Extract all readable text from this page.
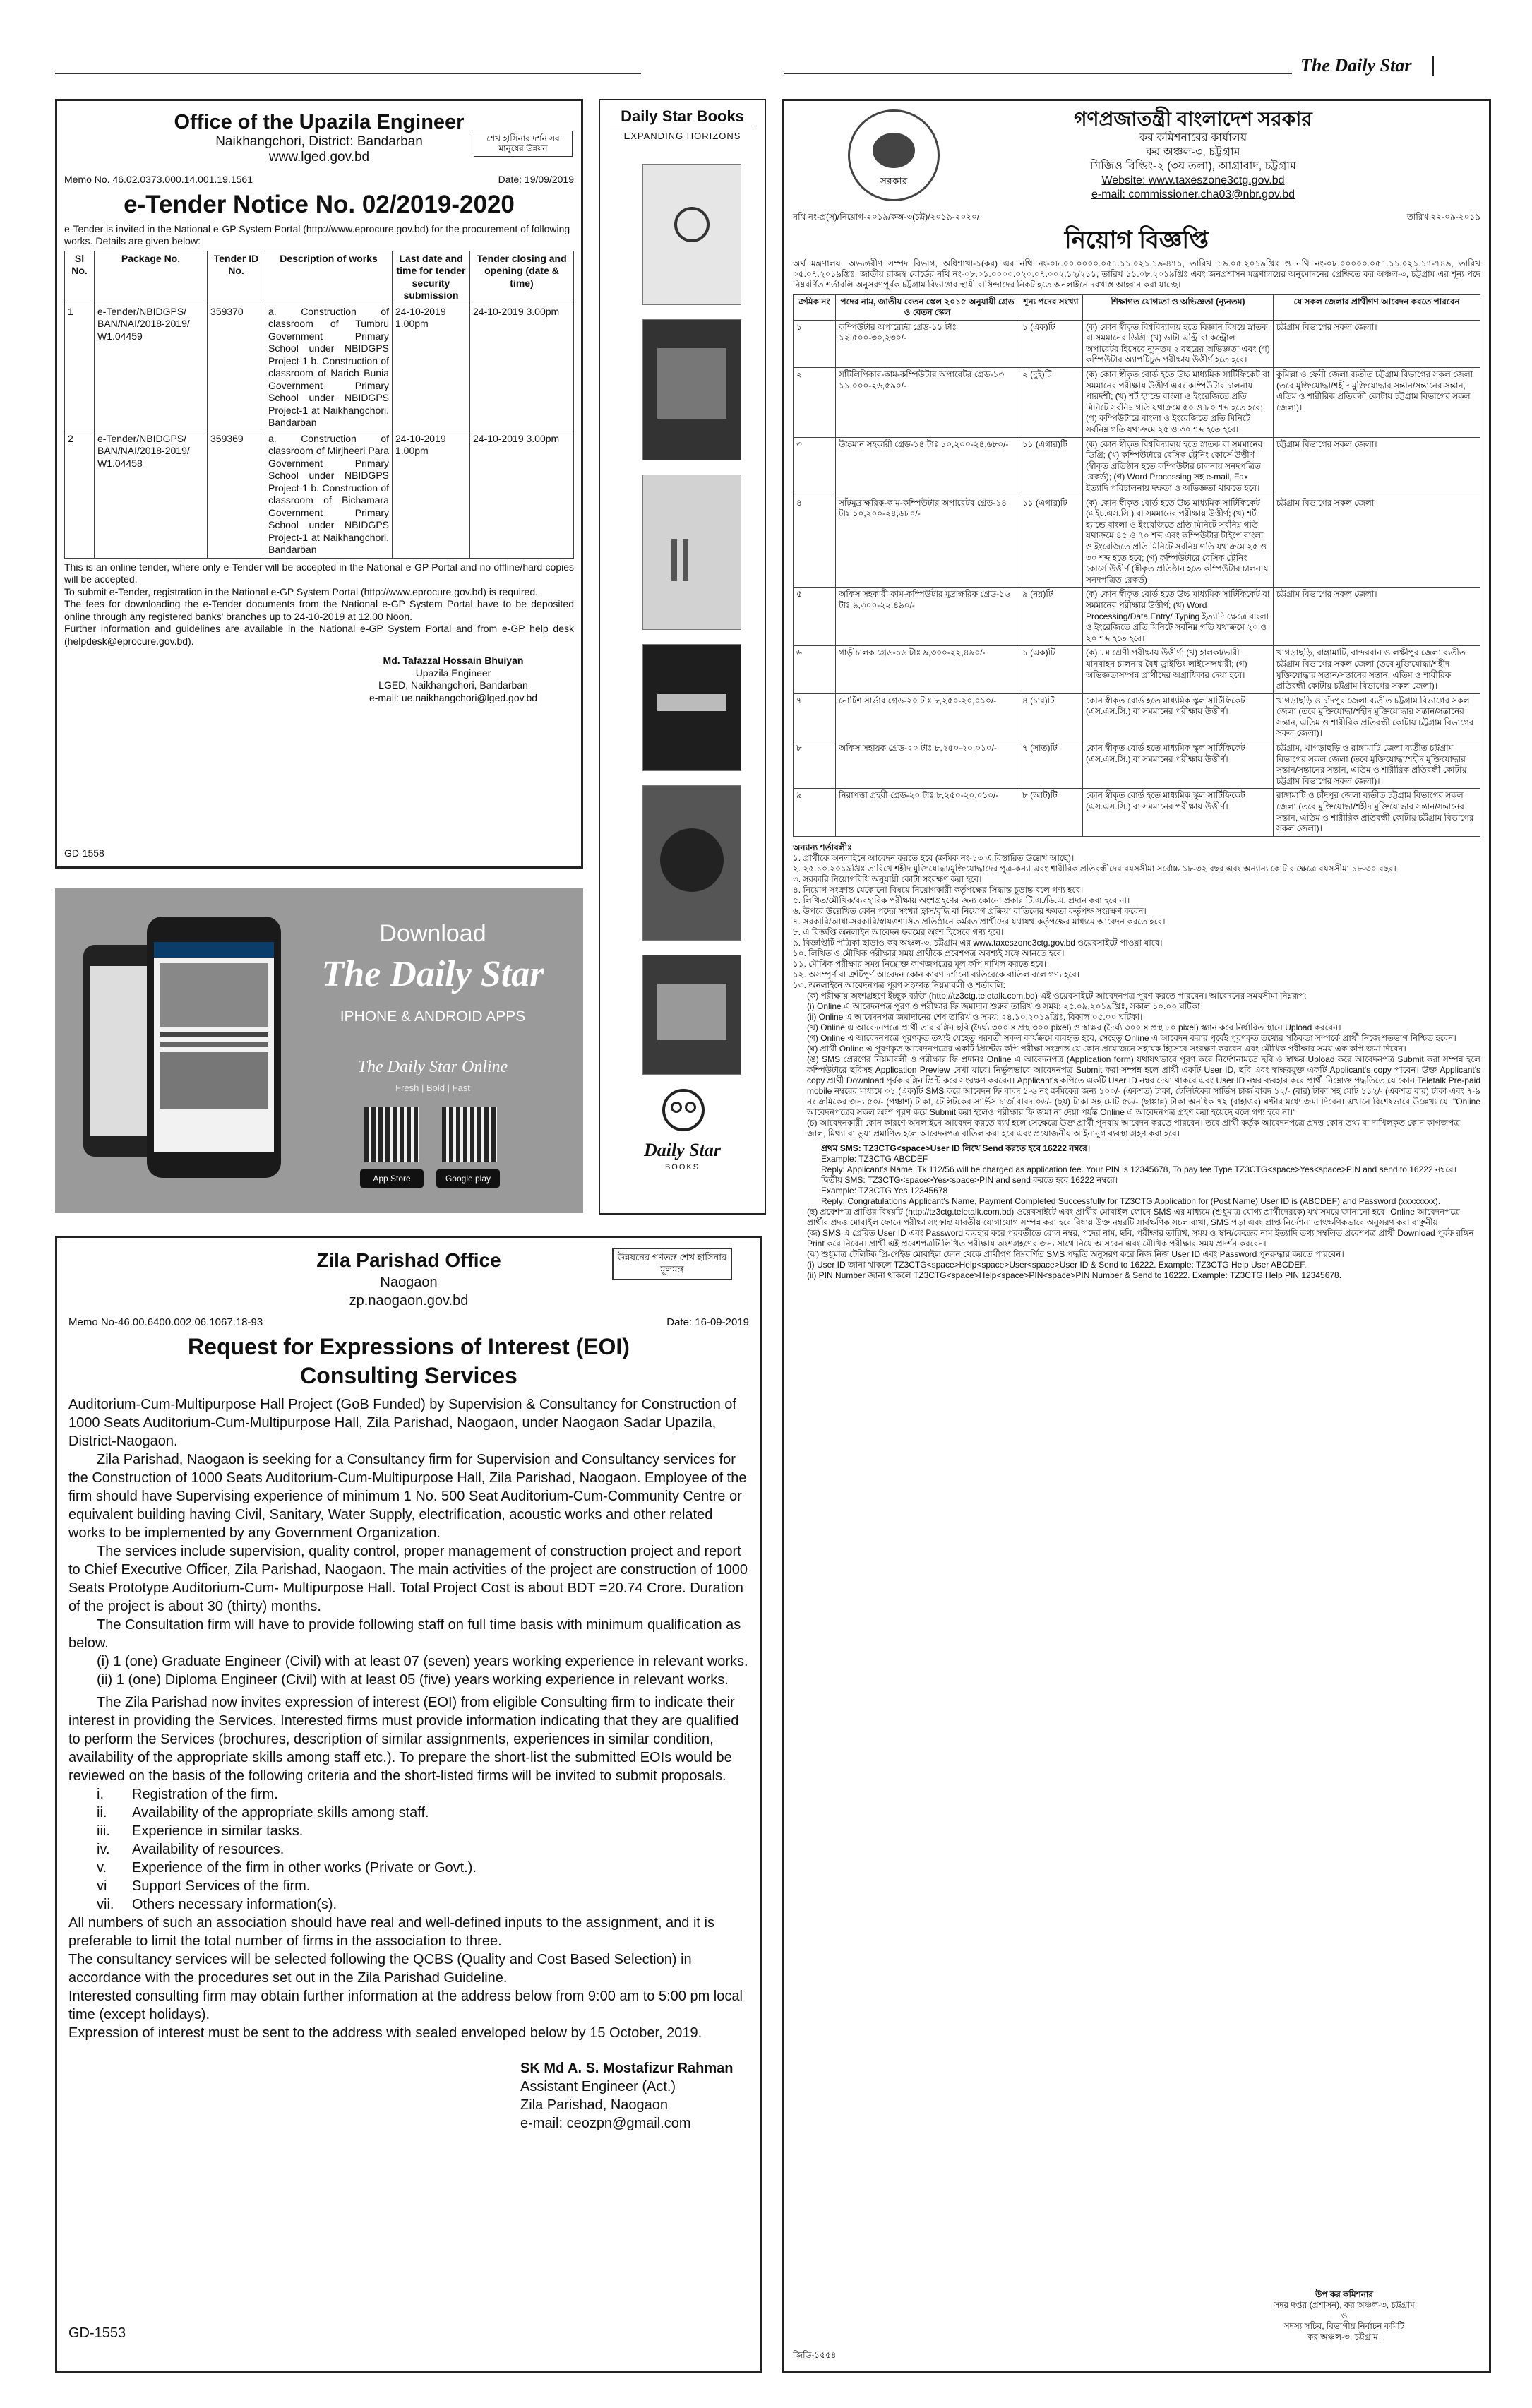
The Daily Star
Office of the Upazila Engineer
Naikhangchori, District: Bandarban
www.lged.gov.bd
শেখ হাসিনার দর্শন সব মানুষের উন্নয়ন
Memo No. 46.02.0373.000.14.001.19.1561	Date: 19/09/2019
e-Tender Notice No. 02/2019-2020
e-Tender is invited in the National e-GP System Portal (http://www.eprocure.gov.bd) for the procurement of following works. Details are given below:
Sl No.	Package No.	Tender ID No.	Description of works	Last date and time for tender security submission	Tender closing and opening (date & time)
1	e-Tender/NBIDGPS/ BAN/NAI/2018-2019/ W1.04459	359370	a. Construction of classroom of Tumbru Government Primary School under NBIDGPS Project-1 b. Construction of classroom of Narich Bunia Government Primary School under NBIDGPS Project-1 at Naikhangchori, Bandarban	24-10-2019 1.00pm	24-10-2019 3.00pm
2	e-Tender/NBIDGPS/ BAN/NAI/2018-2019/ W1.04458	359369	a. Construction of classroom of Mirjheeri Para Government Primary School under NBIDGPS Project-1 b. Construction of classroom of Bichamara Government Primary School under NBIDGPS Project-1 at Naikhangchori, Bandarban	24-10-2019 1.00pm	24-10-2019 3.00pm
This is an online tender, where only e-Tender will be accepted in the National e-GP Portal and no offline/hard copies will be accepted.
To submit e-Tender, registration in the National e-GP System Portal (http://www.eprocure.gov.bd) is required.
The fees for downloading the e-Tender documents from the National e-GP System Portal have to be deposited online through any registered banks' branches up to 24-10-2019 at 12.00 Noon.
Further information and guidelines are available in the National e-GP System Portal and from e-GP help desk (helpdesk@eprocure.gov.bd).
Md. Tafazzal Hossain Bhuiyan
Upazila Engineer
LGED, Naikhangchori, Bandarban
e-mail: ue.naikhangchori@lged.gov.bd
GD-1558
Download
The Daily Star
IPHONE & ANDROID APPS
The Daily Star Online
Fresh | Bold | Fast
App Store	Google play
Daily Star Books
EXPANDING HORIZONS
Daily Star
BOOKS
Zila Parishad Office
Naogaon
zp.naogaon.gov.bd
উন্নয়নের গণতন্ত্র শেখ হাসিনার মূলমন্ত্র
Memo No-46.00.6400.002.06.1067.18-93	Date: 16-09-2019
Request for Expressions of Interest (EOI)
Consulting Services

Auditorium-Cum-Multipurpose Hall Project (GoB Funded) by Supervision & Consultancy for Construction of 1000 Seats Auditorium-Cum-Multipurpose Hall, Zila Parishad, Naogaon, under Naogaon Sadar Upazila, District-Naogaon.

Zila Parishad, Naogaon is seeking for a Consultancy firm for Supervision and Consultancy services for the Construction of 1000 Seats Auditorium-Cum-Multipurpose Hall, Zila Parishad, Naogaon. Employee of the firm should have Supervising experience of minimum 1 No. 500 Seat Auditorium-Cum-Community Centre or equivalent building having Civil, Sanitary, Water Supply, electrification, acoustic works and other related works to be implemented by any Government Organization.

The services include supervision, quality control, proper management of construction project and report to Chief Executive Officer, Zila Parishad, Naogaon. The main activities of the project are construction of 1000 Seats Prototype Auditorium-Cum- Multipurpose Hall. Total Project Cost is about BDT =20.74 Crore. Duration of the project is about 30 (thirty) months.

The Consultation firm will have to provide following staff on full time basis with minimum qualification as below.

(i) 1 (one) Graduate Engineer (Civil) with at least 07 (seven) years working experience in relevant works.

(ii) 1 (one) Diploma Engineer (Civil) with at least 05 (five) years working experience in relevant works.

The Zila Parishad now invites expression of interest (EOI) from eligible Consulting firm to indicate their interest in providing the Services. Interested firms must provide information indicating that they are qualified to perform the Services (brochures, description of similar assignments, experiences in similar condition, availability of the appropriate skills among staff etc.). To prepare the short-list the submitted EOIs would be reviewed on the basis of the following criteria and the short-listed firms will be invited to submit proposals.

i. Registration of the firm.
ii. Availability of the appropriate skills among staff.
iii. Experience in similar tasks.
iv. Availability of resources.
v. Experience of the firm in other works (Private or Govt.).
vi Support Services of the firm.
vii. Others necessary information(s).

All numbers of such an association should have real and well-defined inputs to the assignment, and it is preferable to limit the total number of firms in the association to three.

The consultancy services will be selected following the QCBS (Quality and Cost Based Selection) in accordance with the procedures set out in the Zila Parishad Guideline.

Interested consulting firm may obtain further information at the address below from 9:00 am to 5:00 pm local time (except holidays).

Expression of interest must be sent to the address with sealed enveloped below by 15 October, 2019.

SK Md A. S. Mostafizur Rahman
Assistant Engineer (Act.)
Zila Parishad, Naogaon
e-mail: ceozpn@gmail.com
GD-1553
সরকার
গণপ্রজাতন্ত্রী বাংলাদেশ সরকার
কর কমিশনারের কার্যালয়
কর অঞ্চল-৩, চট্টগ্রাম
সিজিও বিল্ডিং-২ (৩য় তলা), আগ্রাবাদ, চট্টগ্রাম
Website: www.taxeszone3ctg.gov.bd
e-mail: commissioner.cha03@nbr.gov.bd
নথি নং-প্র(স)/নিয়োগ-২০১৯/কঅ-৩(চট্ট)/২০১৯-২০২০/	তারিখ ২২-০৯-২০১৯
নিয়োগ বিজ্ঞপ্তি
অর্থ মন্ত্রণালয়, অভ্যন্তরীণ সম্পদ বিভাগ, অধিশাখা-১(কর) এর নথি নং-০৮.০০.০০০০.০৫৭.১১.০২১.১৯-৪৭১, তারিখ ১৯.০৫.২০১৯খ্রিঃ ও নথি নং-০৮.০০০০০.০৫৭.১১.০২১.১৭-৭৪৯, তারিখ ০৫.০৭.২০১৯খ্রিঃ, জাতীয় রাজস্ব বোর্ডের নথি নং-০৮.০১.০০০০.০২০.০৭.০০২.১২/২১১, তারিখ ১১.০৮.২০১৯খ্রিঃ এবং জনপ্রশাসন মন্ত্রণালয়ের অনুমোদনের প্রেক্ষিতে কর অঞ্চল-৩, চট্টগ্রাম এর শূন্য পদে নিম্নবর্ণিত শর্তাবলি অনুসরণপূর্বক চট্টগ্রাম বিভাগের স্থায়ী বাসিন্দাদের নিকট হতে অনলাইনে দরখাস্ত আহ্বান করা যাচ্ছে।
ক্রমিক নং	পদের নাম, জাতীয় বেতন স্কেল ২০১৫ অনুযায়ী গ্রেড ও বেতন স্কেল	শূন্য পদের সংখ্যা	শিক্ষাগত যোগ্যতা ও অভিজ্ঞতা (ন্যূনতম)	যে সকল জেলার প্রার্থীগণ আবেদন করতে পারবেন
১	কম্পিউটার অপারেটর গ্রেড-১১ টাঃ ১২,৫০০-৩০,২৩০/-	১ (এক)টি	(ক) কোন স্বীকৃত বিশ্ববিদ্যালয় হতে বিজ্ঞান বিষয়ে স্নাতক বা সমমানের ডিগ্রি; (খ) ডাটা এন্ট্রি বা কন্ট্রোল অপারেটর হিসেবে ন্যূনতম ২ বছরের অভিজ্ঞতা এবং (গ) কম্পিউটার অ্যাপটিচুড পরীক্ষায় উত্তীর্ণ হতে হবে।	চট্টগ্রাম বিভাগের সকল জেলা।
২	সাঁটলিপিকার-কাম-কম্পিউটার অপারেটর গ্রেড-১৩ ১১,০০০-২৬,৫৯০/-	২ (দুই)টি	(ক) কোন স্বীকৃত বোর্ড হতে উচ্চ মাধ্যমিক সার্টিফিকেট বা সমমানের পরীক্ষায় উত্তীর্ণ এবং কম্পিউটার চালনায় পারদর্শী; (খ) শর্ট হ্যান্ডে বাংলা ও ইংরেজিতে প্রতি মিনিটে সর্বনিম্ন গতি যথাক্রমে ৫০ ও ৮০ শব্দ হতে হবে; (গ) কম্পিউটারে বাংলা ও ইংরেজিতে প্রতি মিনিটে সর্বনিম্ন গতি যথাক্রমে ২৫ ও ৩০ শব্দ হতে হবে।	কুমিল্লা ও ফেনী জেলা ব্যতীত চট্টগ্রাম বিভাগের সকল জেলা (তবে মুক্তিযোদ্ধা/শহীদ মুক্তিযোদ্ধার সন্তান/সন্তানের সন্তান, এতিম ও শারীরিক প্রতিবন্ধী কোটায় চট্টগ্রাম বিভাগের সকল জেলা)।
৩	উচ্চমান সহকারী গ্রেড-১৪ টাঃ ১০,২০০-২৪,৬৮০/-	১১ (এগার)টি	(ক) কোন স্বীকৃত বিশ্ববিদ্যালয় হতে স্নাতক বা সমমানের ডিগ্রি; (খ) কম্পিউটারে বেসিক ট্রেনিং কোর্সে উত্তীর্ণ (স্বীকৃত প্রতিষ্ঠান হতে কম্পিউটার চালনায় সনদপত্রিত রেকর্ড); (গ) Word Processing সহ e-mail, Fax ইত্যাদি পরিচালনায় দক্ষতা ও অভিজ্ঞতা থাকতে হবে।	চট্টগ্রাম বিভাগের সকল জেলা।
৪	সাঁটমুদ্রাক্ষরিক-কাম-কম্পিউটার অপারেটর গ্রেড-১৪ টাঃ ১০,২০০-২৪,৬৮০/-	১১ (এগার)টি	(ক) কোন স্বীকৃত বোর্ড হতে উচ্চ মাধ্যমিক সার্টিফিকেট (এইচ.এস.সি.) বা সমমানের পরীক্ষায় উত্তীর্ণ; (খ) শর্ট হ্যান্ডে বাংলা ও ইংরেজিতে প্রতি মিনিটে সর্বনিম্ন গতি যথাক্রমে ৪৫ ও ৭০ শব্দ এবং কম্পিউটার টাইপে বাংলা ও ইংরেজিতে প্রতি মিনিটে সর্বনিম্ন গতি যথাক্রমে ২৫ ও ৩০ শব্দ হতে হবে; (গ) কম্পিউটারে বেসিক ট্রেনিং কোর্সে উত্তীর্ণ (স্বীকৃত প্রতিষ্ঠান হতে কম্পিউটার চালনায় সনদপত্রিত রেকর্ড)।	চট্টগ্রাম বিভাগের সকল জেলা
৫	অফিস সহকারী কাম-কম্পিউটার মুদ্রাক্ষরিক গ্রেড-১৬ টাঃ ৯,৩০০-২২,৪৯০/-	৯ (নয়)টি	(ক) কোন স্বীকৃত বোর্ড হতে উচ্চ মাধ্যমিক সার্টিফিকেট বা সমমানের পরীক্ষায় উত্তীর্ণ; (খ) Word Processing/Data Entry/ Typing ইত্যাদি ক্ষেত্রে বাংলা ও ইংরেজিতে প্রতি মিনিটে সর্বনিম্ন গতি যথাক্রমে ২০ ও ২০ শব্দ হতে হবে।	চট্টগ্রাম বিভাগের সকল জেলা।
৬	গাড়ীচালক গ্রেড-১৬ টাঃ ৯,৩০০-২২,৪৯০/-	১ (এক)টি	(ক) ৮ম শ্রেণী পরীক্ষায় উত্তীর্ণ; (খ) হালকা/ভারী যানবাহন চালনার বৈধ ড্রাইভিং লাইসেন্সধারী; (গ) অভিজ্ঞতাসম্পন্ন প্রার্থীদের অগ্রাধিকার দেয়া হবে।	খাগড়াছড়ি, রাঙ্গামাটি, বান্দরবান ও লক্ষীপুর জেলা ব্যতীত চট্টগ্রাম বিভাগের সকল জেলা (তবে মুক্তিযোদ্ধা/শহীদ মুক্তিযোদ্ধার সন্তান/সন্তানের সন্তান, এতিম ও শারীরিক প্রতিবন্ধী কোটায় চট্টগ্রাম বিভাগের সকল জেলা)।
৭	নোটিশ সার্ভার গ্রেড-২০ টাঃ ৮,২৫০-২০,০১০/-	৪ (চার)টি	কোন স্বীকৃত বোর্ড হতে মাধ্যমিক স্কুল সার্টিফিকেট (এস.এস.সি.) বা সমমানের পরীক্ষায় উত্তীর্ণ।	খাগড়াছড়ি ও চাঁদপুর জেলা ব্যতীত চট্টগ্রাম বিভাগের সকল জেলা (তবে মুক্তিযোদ্ধা/শহীদ মুক্তিযোদ্ধার সন্তান/সন্তানের সন্তান, এতিম ও শারীরিক প্রতিবন্ধী কোটায় চট্টগ্রাম বিভাগের সকল জেলা)।
৮	অফিস সহায়ক গ্রেড-২০ টাঃ ৮,২৫০-২০,০১০/-	৭ (সাত)টি	কোন স্বীকৃত বোর্ড হতে মাধ্যমিক স্কুল সার্টিফিকেট (এস.এস.সি.) বা সমমানের পরীক্ষায় উত্তীর্ণ।	চট্টগ্রাম, খাগড়াছড়ি ও রাঙ্গামাটি জেলা ব্যতীত চট্টগ্রাম বিভাগের সকল জেলা (তবে মুক্তিযোদ্ধা/শহীদ মুক্তিযোদ্ধার সন্তান/সন্তানের সন্তান, এতিম ও শারীরিক প্রতিবন্ধী কোটায় চট্টগ্রাম বিভাগের সকল জেলা)।
৯	নিরাপত্তা প্রহরী গ্রেড-২০ টাঃ ৮,২৫০-২০,০১০/-	৮ (আট)টি	কোন স্বীকৃত বোর্ড হতে মাধ্যমিক স্কুল সার্টিফিকেট (এস.এস.সি.) বা সমমানের পরীক্ষায় উত্তীর্ণ।	রাঙ্গামাটি ও চাঁদপুর জেলা ব্যতীত চট্টগ্রাম বিভাগের সকল জেলা (তবে মুক্তিযোদ্ধা/শহীদ মুক্তিযোদ্ধার সন্তান/সন্তানের সন্তান, এতিম ও শারীরিক প্রতিবন্ধী কোটায় চট্টগ্রাম বিভাগের সকল জেলা)।
অন্যান্য শর্তাবলীঃ
১. প্রার্থীকে অনলাইনে আবেদন করতে হবে (ক্রমিক নং-১৩ এ বিস্তারিত উল্লেখ আছে)।
২. ২৫.১০.২০১৯খ্রিঃ তারিখে শহীদ মুক্তিযোদ্ধা/মুক্তিযোদ্ধাদের পুত্র-কন্যা এবং শারীরিক প্রতিবন্ধীদের বয়সসীমা সর্বোচ্চ ১৮-৩২ বছর এবং অন্যান্য কোটার ক্ষেত্রে বয়সসীমা ১৮-৩০ বছর।
৩. সরকারি নিয়োগবিধি অনুযায়ী কোটা সংরক্ষণ করা হবে।
৪. নিয়োগ সংক্রান্ত যেকোনো বিষয়ে নিয়োগকারী কর্তৃপক্ষের সিদ্ধান্ত চূড়ান্ত বলে গণ্য হবে।
৫. লিখিত/মৌখিক/ব্যবহারিক পরীক্ষায় অংশগ্রহণের জন্য কোনো প্রকার টি.এ./ডি.এ. প্রদান করা হবে না।
৬. উপরে উল্লেখিত কোন পদের সংখ্যা হ্রাস/বৃদ্ধি বা নিয়োগ প্রক্রিয়া বাতিলের ক্ষমতা কর্তৃপক্ষ সংরক্ষণ করেন।
৭. সরকারি/আধা-সরকারি/স্বায়ত্তশাসিত প্রতিষ্ঠানে কর্মরত প্রার্থীদের যথাযথ কর্তৃপক্ষের মাধ্যমে আবেদন করতে হবে।
৮. এ বিজ্ঞপ্তি অনলাইন আবেদন ফরমের অংশ হিসেবে গণ্য হবে।
৯. বিজ্ঞপ্তিটি পত্রিকা ছাড়াও কর অঞ্চল-৩, চট্টগ্রাম এর www.taxeszone3ctg.gov.bd ওয়েবসাইটে পাওয়া যাবে।
১০. লিখিত ও মৌখিক পরীক্ষার সময় প্রার্থীকে প্রবেশপত্র অবশ্যই সঙ্গে আনতে হবে।
১১. মৌখিক পরীক্ষার সময় নিম্নোক্ত কাগজপত্রের মূল কপি দাখিল করতে হবে।
১২. অসম্পূর্ণ বা ত্রুটিপূর্ণ আবেদন কোন কারণ দর্শানো ব্যতিরেকে বাতিল বলে গণ্য হবে।
১৩. অনলাইনে আবেদনপত্র পূরণ সংক্রান্ত নিয়মাবলী ও শর্তাবলি:
(ক) পরীক্ষায় অংশগ্রহণে ইচ্ছুক ব্যক্তি (http://tz3ctg.teletalk.com.bd) এই ওয়েবসাইটে আবেদনপত্র পূরণ করতে পারবেন। আবেদনের সময়সীমা নিম্নরূপ:
(i) Online এ আবেদনপত্র পূরণ ও পরীক্ষার ফি জমাদান শুরুর তারিখ ও সময়: ২৫.০৯.২০১৯খ্রিঃ, সকাল ১০.০০ ঘটিকা।
(ii) Online এ আবেদনপত্র জমাদানের শেষ তারিখ ও সময়: ২৪.১০.২০১৯খ্রিঃ, বিকাল ০৫.০০ ঘটিকা।
(খ) Online এ আবেদনপত্রে প্রার্থী তার রঙ্গিন ছবি (দৈর্ঘ্য ৩০০ × প্রস্থ ৩০০ pixel) ও স্বাক্ষর (দৈর্ঘ্য ৩০০ × প্রস্থ ৮০ pixel) স্ক্যান করে নির্ধারিত স্থানে Upload করবেন।
(গ) Online এ আবেদনপত্রে পূরণকৃত তথ্যই যেহেতু পরবর্তী সকল কার্যক্রমে ব্যবহৃত হবে, সেহেতু Online এ আবেদন করার পূর্বেই পূরণকৃত তথ্যের সঠিকতা সম্পর্কে প্রার্থী নিজে শতভাগ নিশ্চিত হবেন।
(ঘ) প্রার্থী Online এ পূরণকৃত আবেদনপত্রের একটি প্রিন্টেড কপি পরীক্ষা সংক্রান্ত যে কোন প্রয়োজনে সহায়ক হিসেবে সংরক্ষণ করবেন এবং মৌখিক পরীক্ষার সময় এক কপি জমা দিবেন।
(ঙ) SMS প্রেরণের নিয়মাবলী ও পরীক্ষার ফি প্রদানঃ Online এ আবেদনপত্র (Application form) যথাযথভাবে পূরণ করে নির্দেশনামতে ছবি ও স্বাক্ষর Upload করে আবেদনপত্র Submit করা সম্পন্ন হলে কম্পিউটারে ছবিসহ Application Preview দেখা যাবে। নির্ভুলভাবে আবেদনপত্র Submit করা সম্পন্ন হলে প্রার্থী একটি User ID, ছবি এবং স্বাক্ষরযুক্ত একটি Applicant's copy পাবেন। উক্ত Applicant's copy প্রার্থী Download পূর্বক রঙ্গিন প্রিন্ট করে সংরক্ষণ করবেন। Applicant's কপিতে একটি User ID নম্বর দেয়া থাকবে এবং User ID নম্বর ব্যবহার করে প্রার্থী নিম্নোক্ত পদ্ধতিতে যে কোন Teletalk Pre-paid mobile নম্বরের মাধ্যমে ০১ (এক)টি SMS করে আবেদন ফি বাবদ ১-৬ নং ক্রমিকের জন্য ১০০/- (একশত) টাকা, টেলিটকের সার্ভিস চার্জ বাবদ ১২/- (বার) টাকা সহ মোট ১১২/- (একশত বার) টাকা এবং ৭-৯ নং ক্রমিকের জন্য ৫০/- (পঞ্চাশ) টাকা, টেলিটকের সার্ভিস চার্জ বাবদ ০৬/- (ছয়) টাকা সহ মোট ৫৬/- (ছাপ্পান্ন) টাকা অনধিক ৭২ (বাহাত্তর) ঘণ্টার মধ্যে জমা দিবেন। এখানে বিশেষভাবে উল্লেখ্য যে, "Online আবেদনপত্রের সকল অংশ পূরণ করে Submit করা হলেও পরীক্ষার ফি জমা না দেয়া পর্যন্ত Online এ আবেদনপত্র গ্রহণ করা হয়েছে বলে গণ্য হবে না।"
(চ) আবেদনকারী কোন কারণে অনলাইনে আবেদন করতে ব্যর্থ হলে সেক্ষেত্রে উক্ত প্রার্থী পুনরায় আবেদন করতে পারবেন। তবে প্রার্থী কর্তৃক আবেদনপত্রে প্রদত্ত কোন তথ্য বা দাখিলকৃত কোন কাগজপত্র জাল, মিথ্যা বা ভুয়া প্রমাণিত হলে আবেদনপত্র বাতিল করা হবে এবং প্রয়োজনীয় আইনানুগ ব্যবস্থা গ্রহণ করা হবে।
প্রথম SMS: TZ3CTG<space>User ID লিখে Send করতে হবে 16222 নম্বরে।
Example: TZ3CTG ABCDEF
Reply: Applicant's Name, Tk 112/56 will be charged as application fee. Your PIN is 12345678, To pay fee Type TZ3CTG<space>Yes<space>PIN and send to 16222 নম্বরে।
দ্বিতীয় SMS: TZ3CTG<space>Yes<space>PIN and send করতে হবে 16222 নম্বরে।
Example: TZ3CTG Yes 12345678
Reply: Congratulations Applicant's Name, Payment Completed Successfully for TZ3CTG Application for (Post Name) User ID is (ABCDEF) and Password (xxxxxxxx).
(ছ) প্রবেশপত্র প্রাপ্তির বিষয়টি (http://tz3ctg.teletalk.com.bd) ওয়েবসাইটে এবং প্রার্থীর মোবাইল ফোনে SMS এর মাধ্যমে (শুধুমাত্র যোগ্য প্রার্থীদেরকে) যথাসময়ে জানানো হবে। Online আবেদনপত্রে প্রার্থীর প্রদত্ত মোবাইল ফোনে পরীক্ষা সংক্রান্ত যাবতীয় যোগাযোগ সম্পন্ন করা হবে বিধায় উক্ত নম্বরটি সার্বক্ষণিক সচল রাখা, SMS পড়া এবং প্রাপ্ত নির্দেশনা তাৎক্ষণিকভাবে অনুসরণ করা বাঞ্ছনীয়।
(জ) SMS এ প্রেরিত User ID এবং Password ব্যবহার করে পরবর্তীতে রোল নম্বর, পদের নাম, ছবি, পরীক্ষার তারিখ, সময় ও স্থান/কেন্দ্রের নাম ইত্যাদি তথ্য সম্বলিত প্রবেশপত্র প্রার্থী Download পূর্বক রঙ্গিন Print করে নিবেন। প্রার্থী এই প্রবেশপত্রটি লিখিত পরীক্ষায় অংশগ্রহণের জন্য সাথে নিয়ে আসবেন এবং মৌখিক পরীক্ষার সময় প্রদর্শন করবেন।
(ঝ) শুধুমাত্র টেলিটক প্রি-পেইড মোবাইল ফোন থেকে প্রার্থীগণ নিম্নবর্ণিত SMS পদ্ধতি অনুসরণ করে নিজ নিজ User ID এবং Password পুনরুদ্ধার করতে পারবেন।
(i) User ID জানা থাকলে TZ3CTG<space>Help<space>User<space>User ID & Send to 16222. Example: TZ3CTG Help User ABCDEF.
(ii) PIN Number জানা থাকলে TZ3CTG<space>Help<space>PIN<space>PIN Number & Send to 16222. Example: TZ3CTG Help PIN 12345678.
উপ কর কমিশনার
সদর দপ্তর (প্রশাসন), কর অঞ্চল-৩, চট্টগ্রাম
ও
সদস্য সচিব, বিভাগীয় নির্বাচন কমিটি
কর অঞ্চল-৩, চট্টগ্রাম।
জিডি-১৫৫৪
